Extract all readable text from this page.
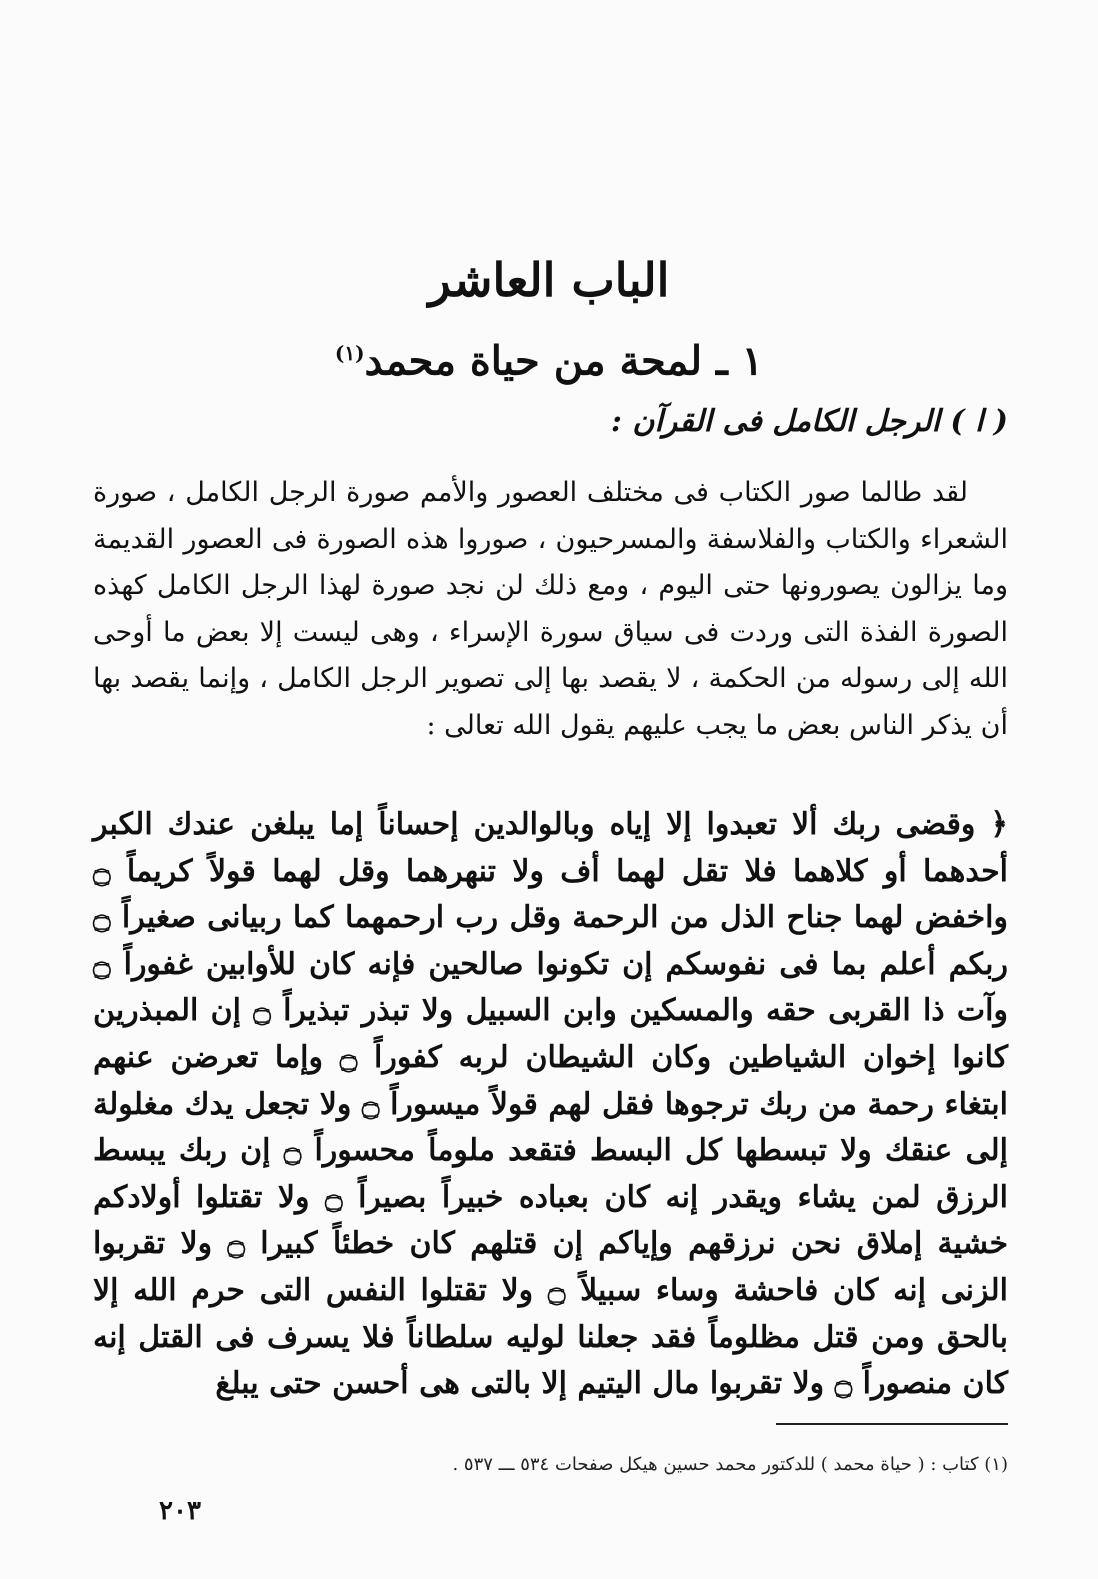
الباب العاشر
١ ـ لمحة من حياة محمد$^{(١)}$
( ا ) الرجل الكامل فى القرآن :

لقد طالما صور الكتاب فى مختلف العصور والأمم صورة الرجل الكامل ، صورة الشعراء والكتاب والفلاسفة والمسرحيون ، صوروا هذه الصورة فى العصور القديمة وما يزالون يصورونها حتى اليوم ، ومع ذلك لن نجد صورة لهذا الرجل الكامل كهذه الصورة الفذة التى وردت فى سياق سورة الإسراء ، وهى ليست إلا بعض ما أوحى الله إلى رسوله من الحكمة ، لا يقصد بها إلى تصوير الرجل الكامل ، وإنما يقصد بها أن يذكر الناس بعض ما يجب عليهم يقول الله تعالى :

﴿ وقضى ربك ألا تعبدوا إلا إياه وبالوالدين إحساناً إما يبلغن عندك الكبر أحدهما أو كلاهما فلا تقل لهما أف ولا تنهرهما وقل لهما قولاً كريماً ۝ واخفض لهما جناح الذل من الرحمة وقل رب ارحمهما كما ربيانى صغيراً ۝ ربكم أعلم بما فى نفوسكم إن تكونوا صالحين فإنه كان للأوابين غفوراً ۝ وآت ذا القربى حقه والمسكين وابن السبيل ولا تبذر تبذيراً ۝ إن المبذرين كانوا إخوان الشياطين وكان الشيطان لربه كفوراً ۝ وإما تعرضن عنهم ابتغاء رحمة من ربك ترجوها فقل لهم قولاً ميسوراً ۝ ولا تجعل يدك مغلولة إلى عنقك ولا تبسطها كل البسط فتقعد ملوماً محسوراً ۝ إن ربك يبسط الرزق لمن يشاء ويقدر إنه كان بعباده خبيراً بصيراً ۝ ولا تقتلوا أولادكم خشية إملاق نحن نرزقهم وإياكم إن قتلهم كان خطئاً كبيرا ۝ ولا تقربوا الزنى إنه كان فاحشة وساء سبيلاً ۝ ولا تقتلوا النفس التى حرم الله إلا بالحق ومن قتل مظلوماً فقد جعلنا لوليه سلطاناً فلا يسرف فى القتل إنه كان منصوراً ۝ ولا تقربوا مال اليتيم إلا بالتى هى أحسن حتى يبلغ

(١) كتاب : ( حياة محمد ) للدكتور محمد حسين هيكل صفحات ٥٣٤ ـــ ٥٣٧ .
٢٠٣
